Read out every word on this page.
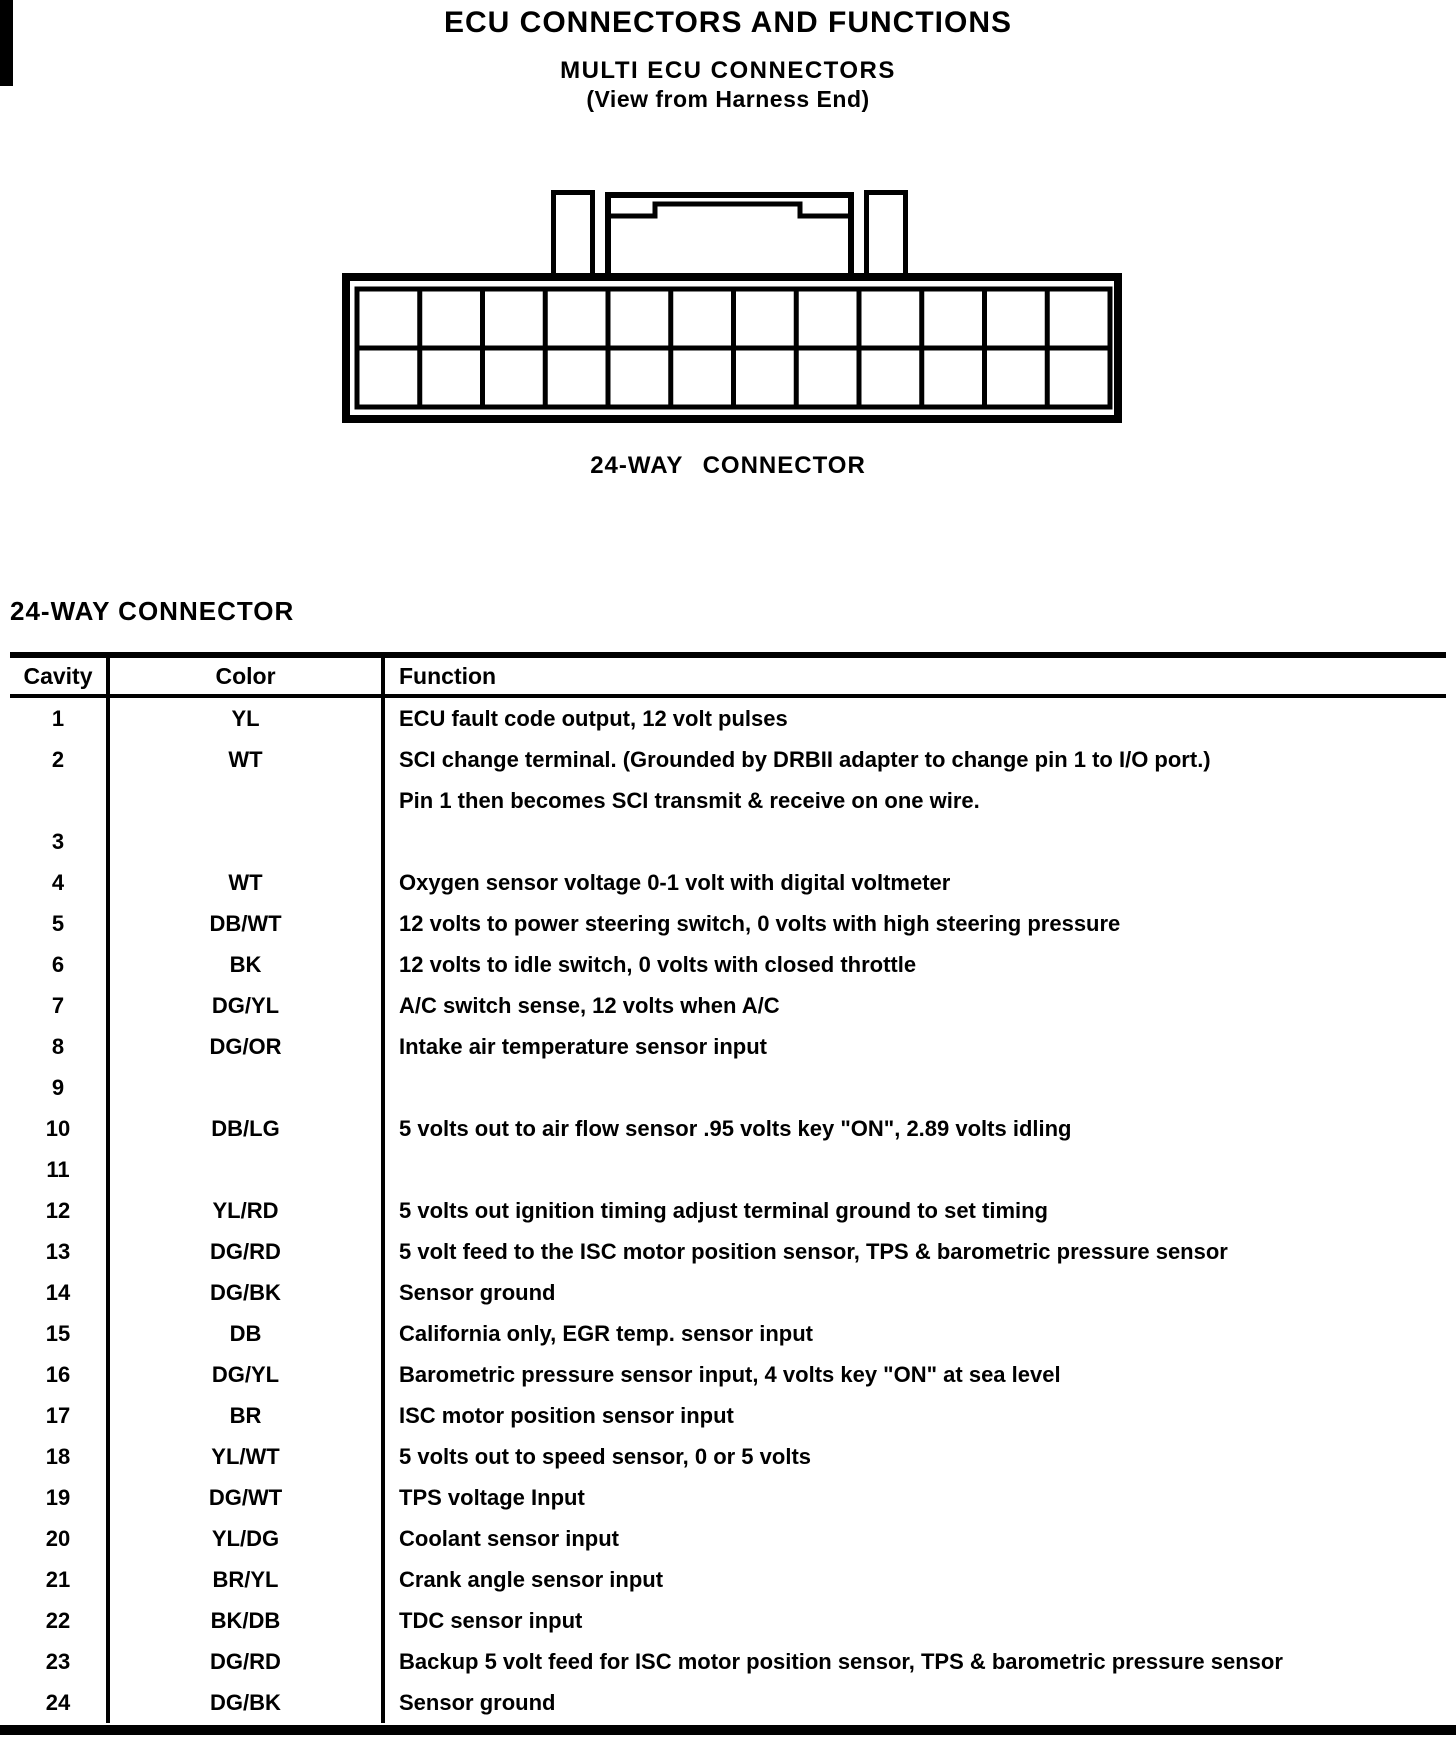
ECU CONNECTORS AND FUNCTIONS
MULTI ECU CONNECTORS
(View from Harness End)
24-WAY CONNECTOR
24-WAY CONNECTOR
Cavity	Color	Function
1	YL	ECU fault code output, 12 volt pulses
2	WT	SCI change terminal. (Grounded by DRBII adapter to change pin 1 to I/O port.)
Pin 1 then becomes SCI transmit & receive on one wire.
3
4	WT	Oxygen sensor voltage 0-1 volt with digital voltmeter
5	DB/WT	12 volts to power steering switch, 0 volts with high steering pressure
6	BK	12 volts to idle switch, 0 volts with closed throttle
7	DG/YL	A/C switch sense, 12 volts when A/C
8	DG/OR	Intake air temperature sensor input
9
10	DB/LG	5 volts out to air flow sensor .95 volts key "ON", 2.89 volts idling
11
12	YL/RD	5 volts out ignition timing adjust terminal ground to set timing
13	DG/RD	5 volt feed to the ISC motor position sensor, TPS & barometric pressure sensor
14	DG/BK	Sensor ground
15	DB	California only, EGR temp. sensor input
16	DG/YL	Barometric pressure sensor input, 4 volts key "ON" at sea level
17	BR	ISC motor position sensor input
18	YL/WT	5 volts out to speed sensor, 0 or 5 volts
19	DG/WT	TPS voltage Input
20	YL/DG	Coolant sensor input
21	BR/YL	Crank angle sensor input
22	BK/DB	TDC sensor input
23	DG/RD	Backup 5 volt feed for ISC motor position sensor, TPS & barometric pressure sensor
24	DG/BK	Sensor ground
